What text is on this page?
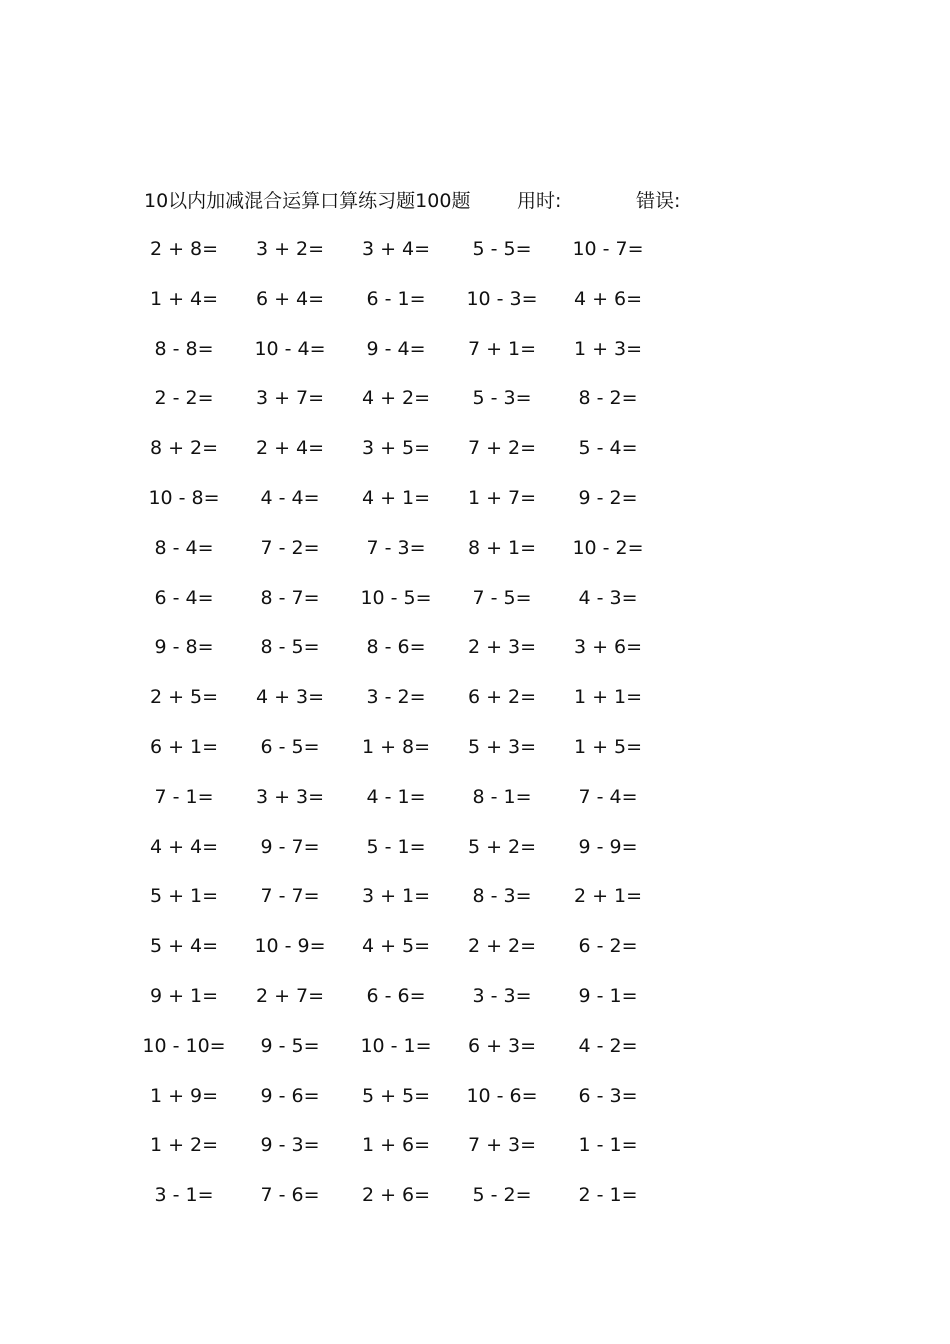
10以内加减混合运算口算练习题100题 用时:	错误:
2 + 8=	3 + 2=	3 + 4=	5 - 5=	10 - 7=
1 + 4=	6 + 4=	6 - 1=	10 - 3=	4 + 6=
8 - 8=	10 - 4=	9 - 4=	7 + 1=	1 + 3=
2 - 2=	3 + 7=	4 + 2=	5 - 3=	8 - 2=
8 + 2=	2 + 4=	3 + 5=	7 + 2=	5 - 4=
10 - 8=	4 - 4=	4 + 1=	1 + 7=	9 - 2=
8 - 4=	7 - 2=	7 - 3=	8 + 1=	10 - 2=
6 - 4=	8 - 7=	10 - 5=	7 - 5=	4 - 3=
9 - 8=	8 - 5=	8 - 6=	2 + 3=	3 + 6=
2 + 5=	4 + 3=	3 - 2=	6 + 2=	1 + 1=
6 + 1=	6 - 5=	1 + 8=	5 + 3=	1 + 5=
7 - 1=	3 + 3=	4 - 1=	8 - 1=	7 - 4=
4 + 4=	9 - 7=	5 - 1=	5 + 2=	9 - 9=
5 + 1=	7 - 7=	3 + 1=	8 - 3=	2 + 1=
5 + 4=	10 - 9=	4 + 5=	2 + 2=	6 - 2=
9 + 1=	2 + 7=	6 - 6=	3 - 3=	9 - 1=
10 - 10=	9 - 5=	10 - 1=	6 + 3=	4 - 2=
1 + 9=	9 - 6=	5 + 5=	10 - 6=	6 - 3=
1 + 2=	9 - 3=	1 + 6=	7 + 3=	1 - 1=
3 - 1=	7 - 6=	2 + 6=	5 - 2=	2 - 1=
